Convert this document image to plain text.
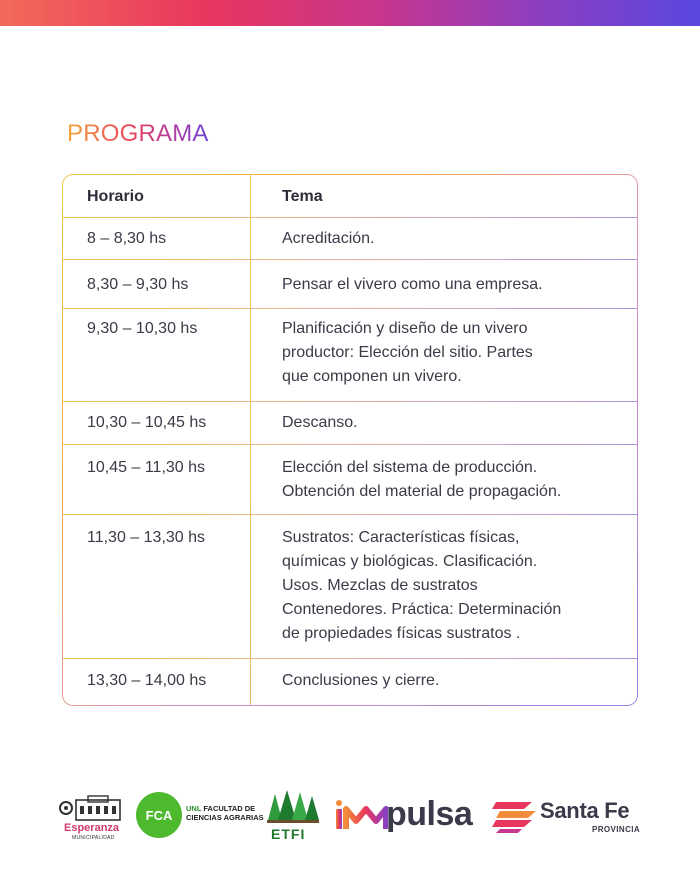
PROGRAMA
Horario	Tema
8 – 8,30 hs	Acreditación.
8,30 – 9,30 hs	Pensar el vivero como una empresa.
9,30 – 10,30 hs	Planificación y diseño de un vivero
productor: Elección del sitio. Partes
que componen un vivero.
10,30 – 10,45 hs	Descanso.
10,45 – 11,30 hs	Elección del sistema de producción.
Obtención del material de propagación.
11,30 – 13,30 hs	Sustratos: Características físicas,
químicas y biológicas. Clasificación.
Usos. Mezclas de sustratos
Contenedores. Práctica: Determinación
de propiedades físicas sustratos .
13,30 – 14,00 hs	Conclusiones y cierre.
Esperanza
MUNICIPALIDAD
FCA	UNL FACULTAD DE
CIENCIAS AGRARIAS
ETFI
pulsa	Santa Fe
PROVINCIA
